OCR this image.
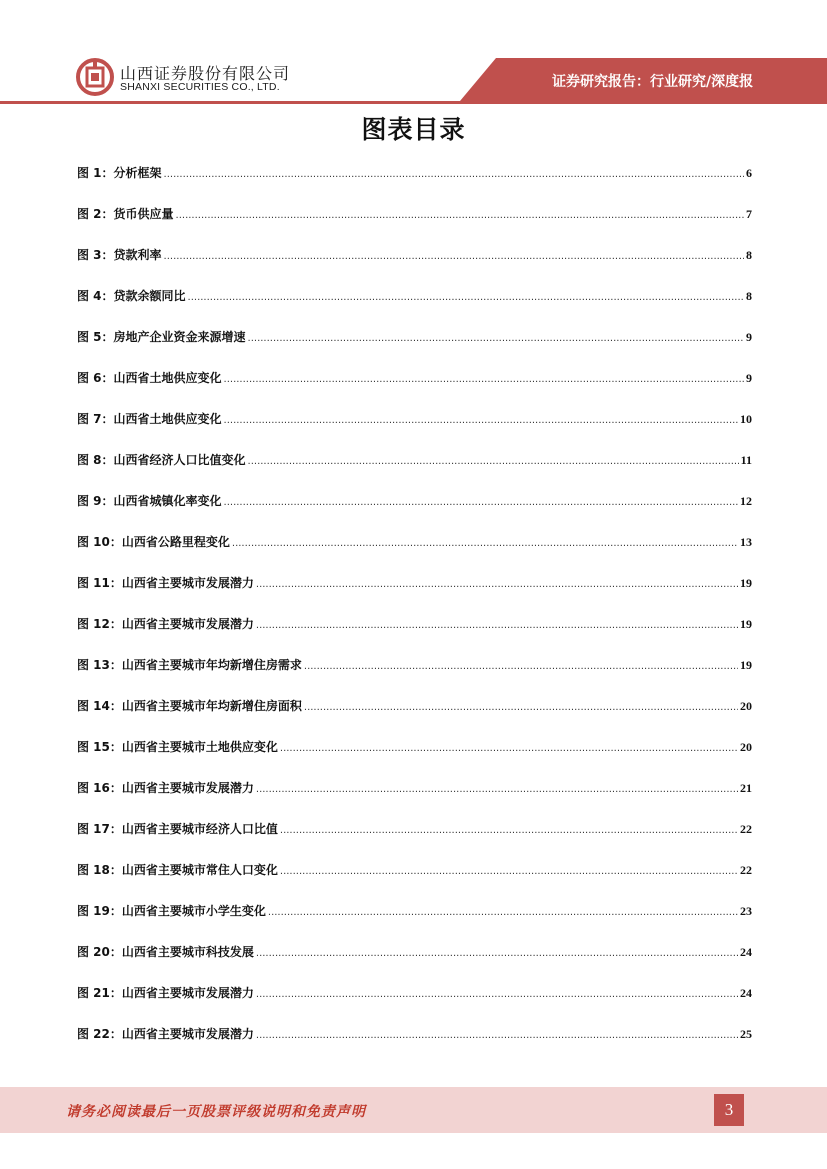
山西证券股份有限公司
SHANXI SECURITIES CO., LTD.	证券研究报告：行业研究/深度报
图表目录
图 1：分析框架 .....	6
图 2：货币供应量 .....	7
图 3：贷款利率 .....	8
图 4：贷款余额同比 .....	8
图 5：房地产企业资金来源增速 .....	9
图 6：山西省土地供应变化 .....	9
图 7：山西省土地供应变化 .....	10
图 8：山西省经济人口比值变化 .....	11
图 9：山西省城镇化率变化 .....	12
图 10：山西省公路里程变化 .....	13
图 11：山西省主要城市发展潜力 .....	19
图 12：山西省主要城市发展潜力 .....	19
图 13：山西省主要城市年均新增住房需求 .....	19
图 14：山西省主要城市年均新增住房面积 .....	20
图 15：山西省主要城市土地供应变化 .....	20
图 16：山西省主要城市发展潜力 .....	21
图 17：山西省主要城市经济人口比值 .....	22
图 18：山西省主要城市常住人口变化 .....	22
图 19：山西省主要城市小学生变化 .....	23
图 20：山西省主要城市科技发展 .....	24
图 21：山西省主要城市发展潜力 .....	24
图 22：山西省主要城市发展潜力 .....	25
请务必阅读最后一页股票评级说明和免责声明	3
